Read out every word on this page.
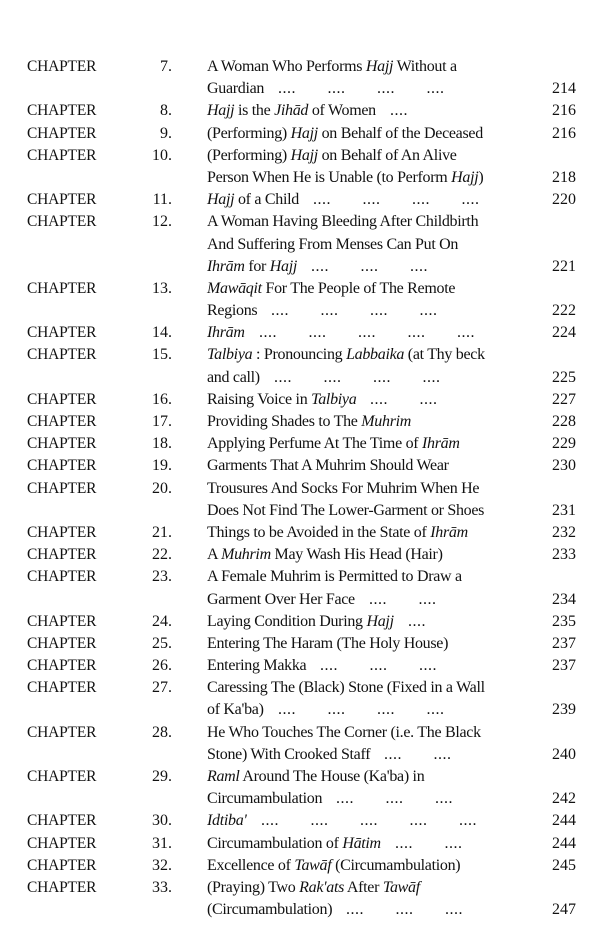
CHAPTER	7. A Woman Who Performs Hajj Without a
Guardian ....       ....       ....       ....	214
CHAPTER	8. Hajj is the Jihād of Women ....	216
CHAPTER	9. (Performing) Hajj on Behalf of the Deceased	216
CHAPTER	10. (Performing) Hajj on Behalf of An Alive
Person When He is Unable (to Perform Hajj)	218
CHAPTER	11. Hajj of a Child ....       ....       ....       ....	220
CHAPTER	12. A Woman Having Bleeding After Childbirth
And Suffering From Menses Can Put On
Ihrām for Hajj ....       ....       ....	221
CHAPTER	13. Mawāqit For The People of The Remote
Regions ....       ....       ....       ....	222
CHAPTER	14. Ihrām ....       ....       ....       ....       ....	224
CHAPTER	15. Talbiya : Pronouncing Labbaika (at Thy beck
and call) ....       ....       ....       ....	225
CHAPTER	16. Raising Voice in Talbiya ....       ....	227
CHAPTER	17. Providing Shades to The Muhrim	228
CHAPTER	18. Applying Perfume At The Time of Ihrām	229
CHAPTER	19. Garments That A Muhrim Should Wear	230
CHAPTER	20. Trousures And Socks For Muhrim When He
Does Not Find The Lower-Garment or Shoes	231
CHAPTER	21. Things to be Avoided in the State of Ihrām	232
CHAPTER	22. A Muhrim May Wash His Head (Hair)	233
CHAPTER	23. A Female Muhrim is Permitted to Draw a
Garment Over Her Face ....       ....	234
CHAPTER	24. Laying Condition During Hajj ....	235
CHAPTER	25. Entering The Haram (The Holy House)	237
CHAPTER	26. Entering Makka ....       ....       ....	237
CHAPTER	27. Caressing The (Black) Stone (Fixed in a Wall
of Ka'ba) ....       ....       ....       ....	239
CHAPTER	28. He Who Touches The Corner (i.e. The Black
Stone) With Crooked Staff ....       ....	240
CHAPTER	29. Raml Around The House (Ka'ba) in
Circumambulation ....       ....       ....	242
CHAPTER	30. Idtiba' ....       ....       ....       ....       ....	244
CHAPTER	31. Circumambulation of Hātim ....       ....	244
CHAPTER	32. Excellence of Tawāf (Circumambulation)	245
CHAPTER	33. (Praying) Two Rak'ats After Tawāf
(Circumambulation) ....       ....       ....	247
